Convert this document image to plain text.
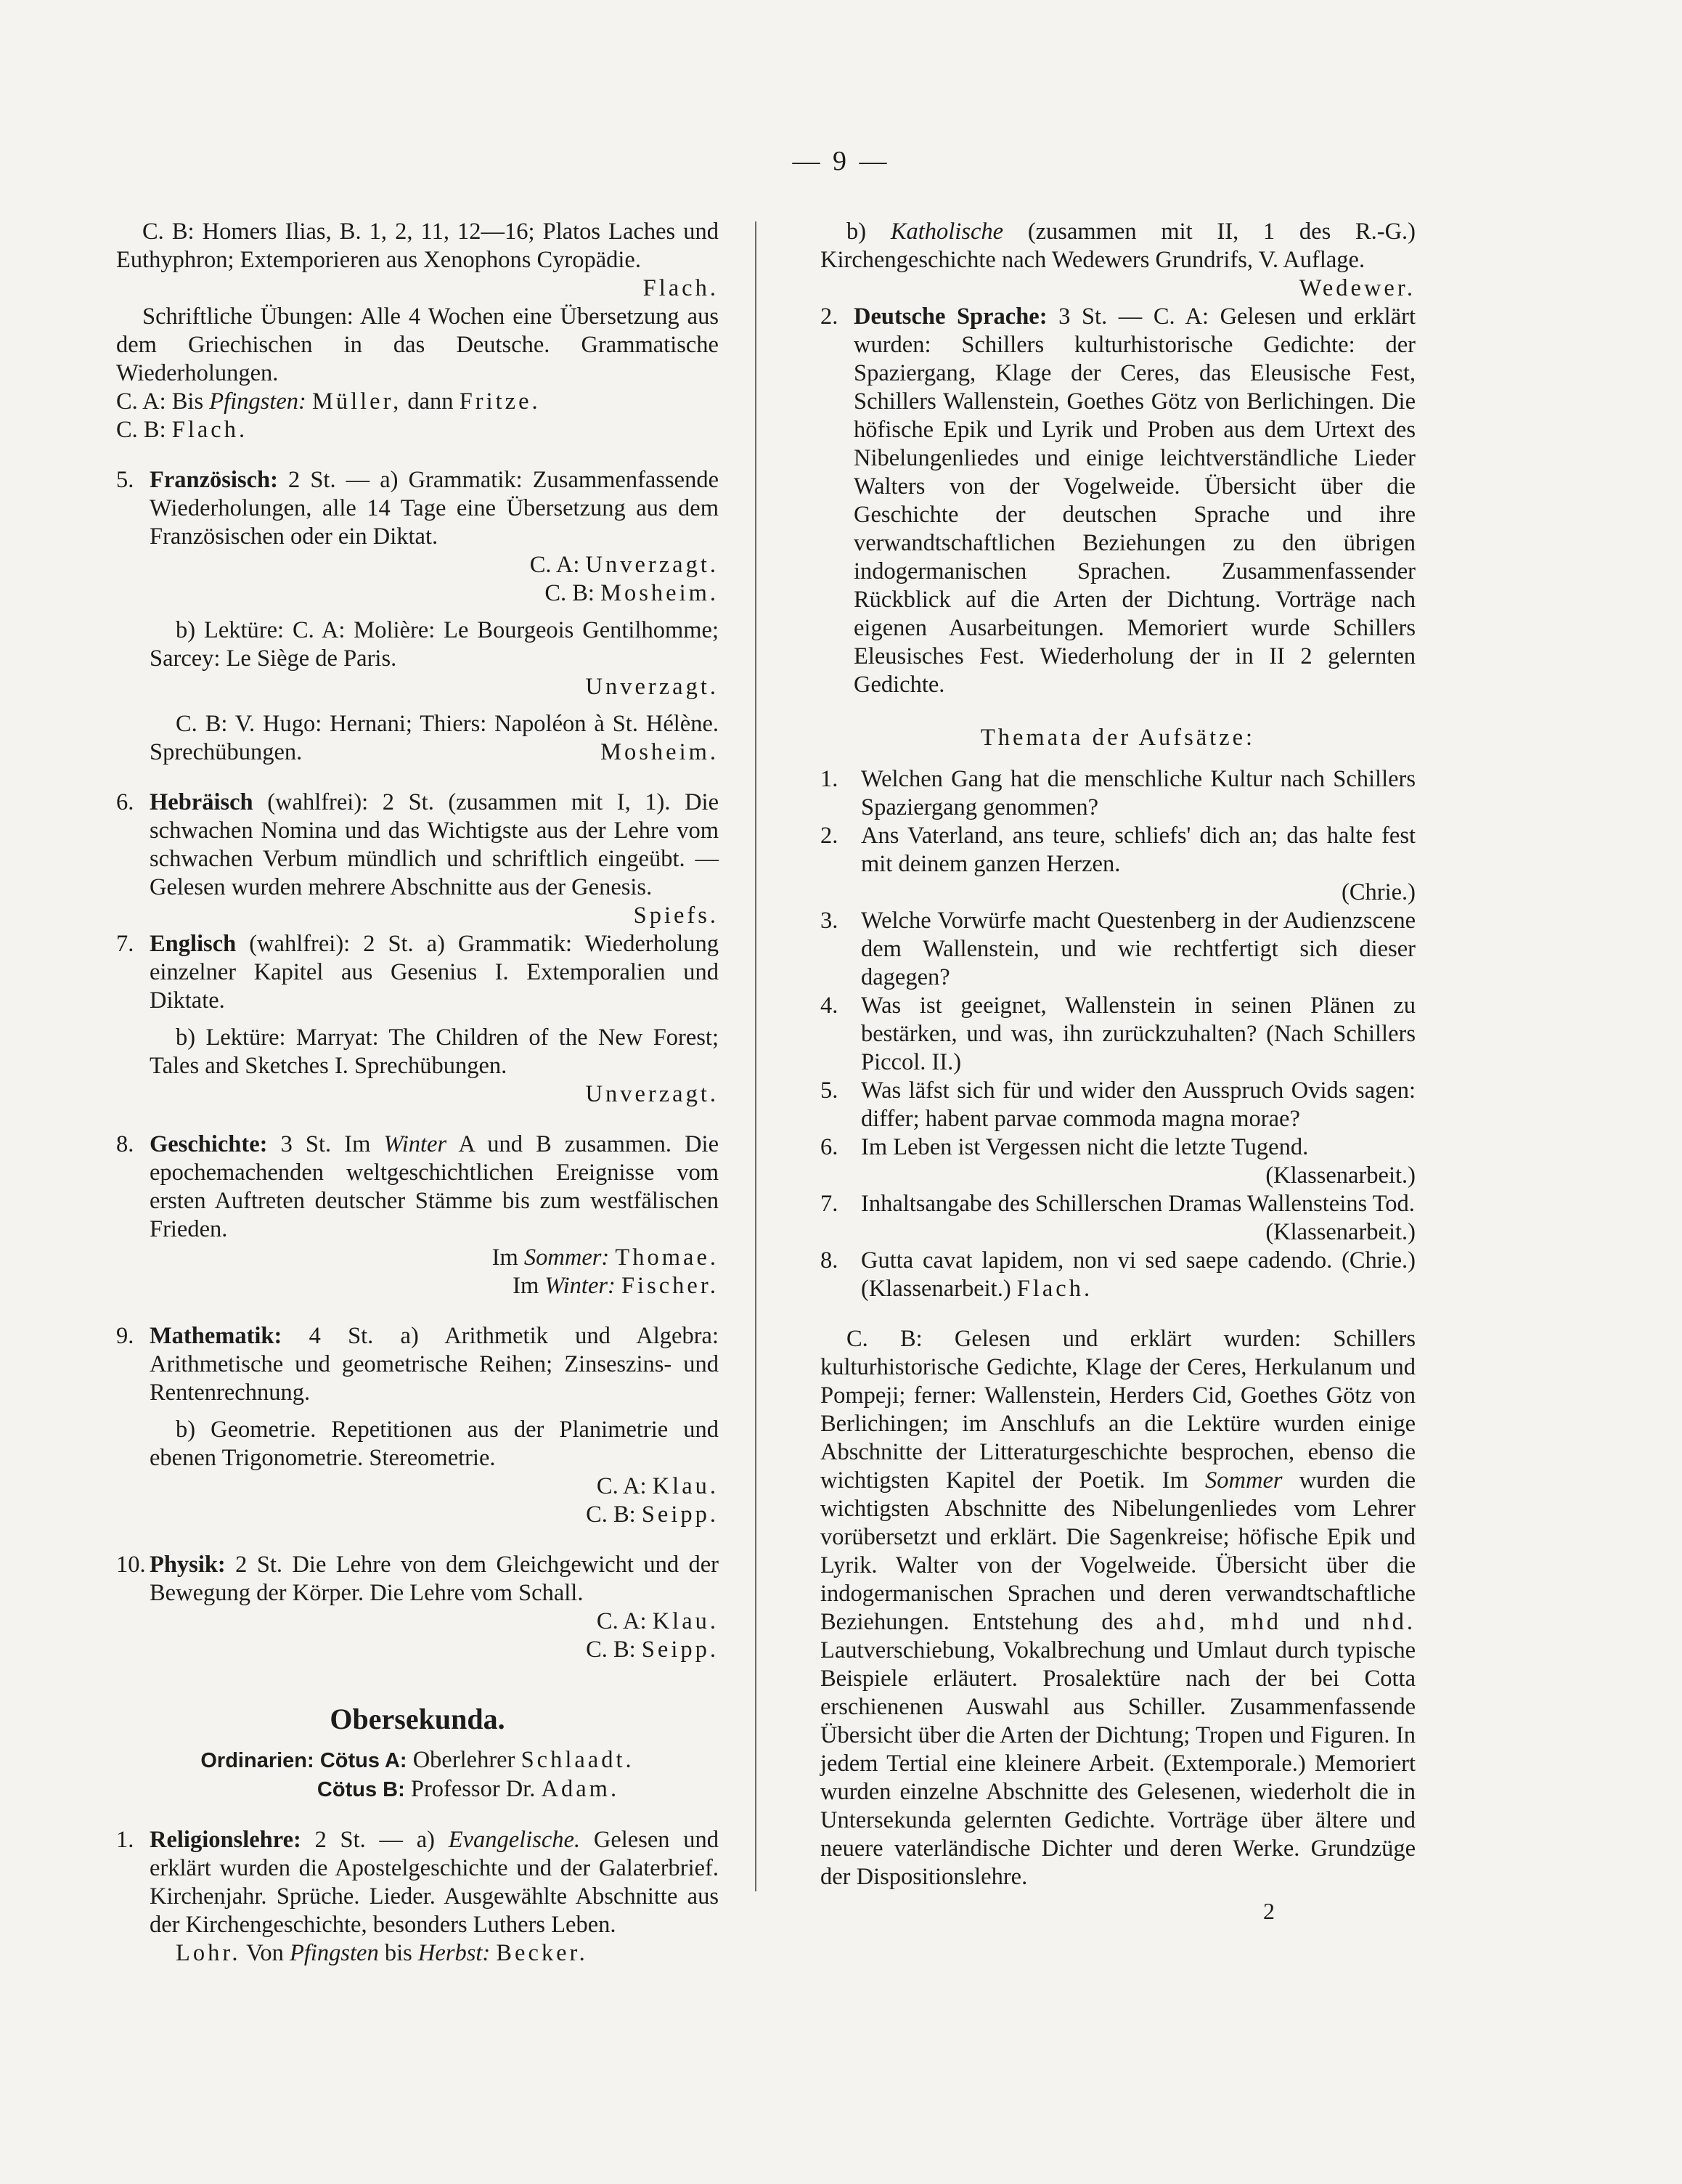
— 9 —

C. B: Homers Ilias, B. 1, 2, 11, 12—16; Platos Laches und Euthyphron; Extemporieren aus Xenophons Cyropädie.
Flach.

Schriftliche Übungen: Alle 4 Wochen eine Übersetzung aus dem Griechischen in das Deutsche. Grammatische Wiederholungen.

C. A: Bis Pfingsten: Müller, dann Fritze.

C. B: Flach.

5. Französisch: 2 St. — a) Grammatik: Zusammenfassende Wiederholungen, alle 14 Tage eine Übersetzung aus dem Französischen oder ein Diktat.

C. A: Unverzagt.

C. B: Mosheim.

b) Lektüre: C. A: Molière: Le Bourgeois Gentilhomme; Sarcey: Le Siège de Paris.

Unverzagt.

C. B: V. Hugo: Hernani; Thiers: Napoléon à St. Hélène. Sprechübungen.	Mosheim.

6. Hebräisch (wahlfrei): 2 St. (zusammen mit I, 1). Die schwachen Nomina und das Wichtigste aus der Lehre vom schwachen Verbum mündlich und schriftlich eingeübt. — Gelesen wurden mehrere Abschnitte aus der Genesis.
Spiefs.

7. Englisch (wahlfrei): 2 St. a) Grammatik: Wiederholung einzelner Kapitel aus Gesenius I. Extemporalien und Diktate.

b) Lektüre: Marryat: The Children of the New Forest; Tales and Sketches I. Sprechübungen.

Unverzagt.

8. Geschichte: 3 St. Im Winter A und B zusammen. Die epochemachenden weltgeschichtlichen Ereignisse vom ersten Auftreten deutscher Stämme bis zum westfälischen Frieden.

Im Sommer: Thomae.

Im Winter: Fischer.

9. Mathematik: 4 St. a) Arithmetik und Algebra: Arithmetische und geometrische Reihen; Zinseszins- und Rentenrechnung.

b) Geometrie. Repetitionen aus der Planimetrie und ebenen Trigonometrie. Stereometrie.

C. A: Klau.

C. B: Seipp.

10. Physik: 2 St. Die Lehre von dem Gleichgewicht und der Bewegung der Körper. Die Lehre vom Schall.

C. A: Klau.

C. B: Seipp.

Obersekunda.

Ordinarien: Cötus A: Oberlehrer Schlaadt.

Cötus B: Professor Dr. Adam.

1. Religionslehre: 2 St. — a) Evangelische. Gelesen und erklärt wurden die Apostelgeschichte und der Galaterbrief. Kirchenjahr. Sprüche. Lieder. Ausgewählte Abschnitte aus der Kirchengeschichte, besonders Luthers Leben.

Lohr. Von Pfingsten bis Herbst: Becker.

b) Katholische (zusammen mit II, 1 des R.-G.) Kirchengeschichte nach Wedewers Grundrifs, V. Auflage.
Wedewer.

2. Deutsche Sprache: 3 St. — C. A: Gelesen und erklärt wurden: Schillers kulturhistorische Gedichte: der Spaziergang, Klage der Ceres, das Eleusische Fest, Schillers Wallenstein, Goethes Götz von Berlichingen. Die höfische Epik und Lyrik und Proben aus dem Urtext des Nibelungenliedes und einige leichtverständliche Lieder Walters von der Vogelweide. Übersicht über die Geschichte der deutschen Sprache und ihre verwandtschaftlichen Beziehungen zu den übrigen indogermanischen Sprachen. Zusammenfassender Rückblick auf die Arten der Dichtung. Vorträge nach eigenen Ausarbeitungen. Memoriert wurde Schillers Eleusisches Fest. Wiederholung der in II 2 gelernten Gedichte.

Themata der Aufsätze:
1. Welchen Gang hat die menschliche Kultur nach Schillers Spaziergang genommen?

2. Ans Vaterland, ans teure, schliefs' dich an; das halte fest mit deinem ganzen Herzen.

(Chrie.)

3. Welche Vorwürfe macht Questenberg in der Audienzscene dem Wallenstein, und wie rechtfertigt sich dieser dagegen?

4. Was ist geeignet, Wallenstein in seinen Plänen zu bestärken, und was, ihn zurückzuhalten? (Nach Schillers Piccol. II.)

5. Was läfst sich für und wider den Ausspruch Ovids sagen: differ; habent parvae commoda magna morae?

6. Im Leben ist Vergessen nicht die letzte Tugend.
(Klassenarbeit.)

7. Inhaltsangabe des Schillerschen Dramas Wallensteins Tod.
(Klassenarbeit.)

8. Gutta cavat lapidem, non vi sed saepe cadendo. (Chrie.) (Klassenarbeit.) Flach.

C. B: Gelesen und erklärt wurden: Schillers kulturhistorische Gedichte, Klage der Ceres, Herkulanum und Pompeji; ferner: Wallenstein, Herders Cid, Goethes Götz von Berlichingen; im Anschlufs an die Lektüre wurden einige Abschnitte der Litteraturgeschichte besprochen, ebenso die wichtigsten Kapitel der Poetik. Im Sommer wurden die wichtigsten Abschnitte des Nibelungenliedes vom Lehrer vorübersetzt und erklärt. Die Sagenkreise; höfische Epik und Lyrik. Walter von der Vogelweide. Übersicht über die indogermanischen Sprachen und deren verwandtschaftliche Beziehungen. Entstehung des ahd, mhd und nhd. Lautverschiebung, Vokalbrechung und Umlaut durch typische Beispiele erläutert. Prosalektüre nach der bei Cotta erschienenen Auswahl aus Schiller. Zusammenfassende Übersicht über die Arten der Dichtung; Tropen und Figuren. In jedem Tertial eine kleinere Arbeit. (Extemporale.) Memoriert wurden einzelne Abschnitte des Gelesenen, wiederholt die in Untersekunda gelernten Gedichte. Vorträge über ältere und neuere vaterländische Dichter und deren Werke. Grundzüge der Dispositionslehre.

2
